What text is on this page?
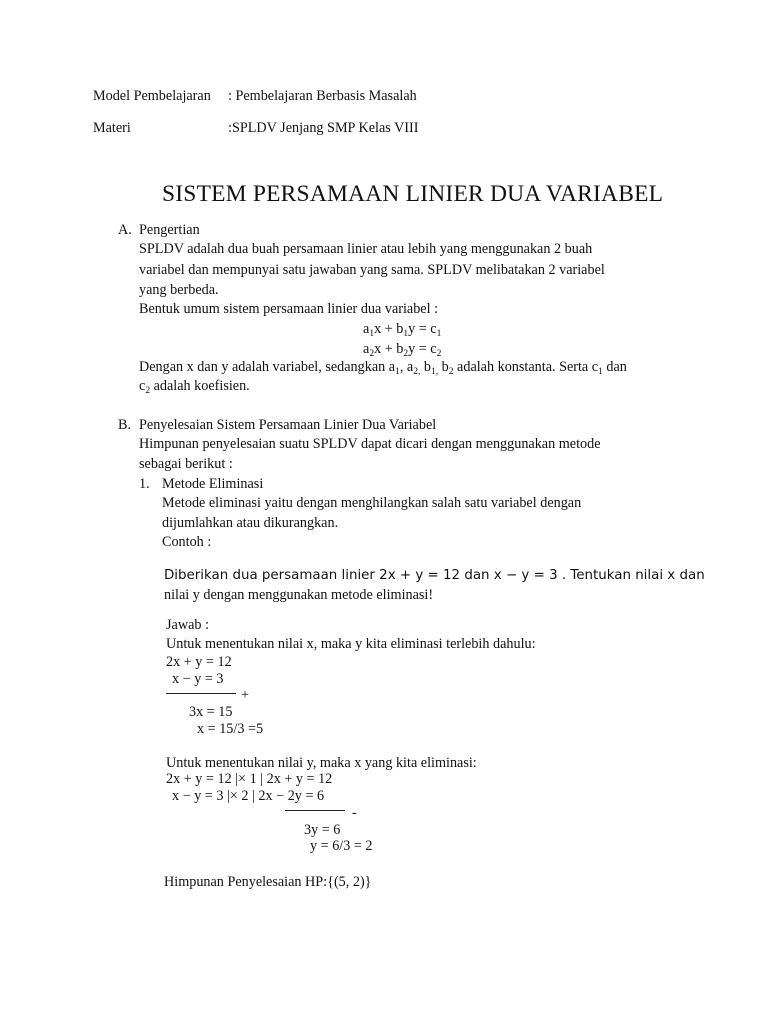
Model Pembelajaran : Pembelajaran Berbasis Masalah
Materi	:SPLDV Jenjang SMP Kelas VIII
SISTEM PERSAMAAN LINIER DUA VARIABEL
A. Pengertian
SPLDV adalah dua buah persamaan linier atau lebih yang menggunakan 2 buah
variabel dan mempunyai satu jawaban yang sama. SPLDV melibatakan 2 variabel
yang berbeda.
Bentuk umum sistem persamaan linier dua variabel :
$a_1x + b_1y = c_1$
$a_2x + b_2y = c_2$
Dengan x dan y adalah variabel, sedangkan $a_1$, $a_{2,}$ $b_{1,}$ $b_2$ adalah konstanta. Serta $c_1$ dan
$c_2$ adalah koefisien.
B. Penyelesaian Sistem Persamaan Linier Dua Variabel
Himpunan penyelesaian suatu SPLDV dapat dicari dengan menggunakan metode
sebagai berikut :
1. Metode Eliminasi
Metode eliminasi yaitu dengan menghilangkan salah satu variabel dengan
dijumlahkan atau dikurangkan.
Contoh :
Diberikan dua persamaan linier 2x + y = 12 dan x − y = 3 . Tentukan nilai x dan
nilai y dengan menggunakan metode eliminasi!
Jawab :
Untuk menentukan nilai x, maka y kita eliminasi terlebih dahulu:
2x + y = 12
x − y = 3
+
3x = 15
x = 15/3 =5
Untuk menentukan nilai y, maka x yang kita eliminasi:
2x + y = 12 |× 1 | 2x + y = 12
x − y = 3 |× 2 | 2x − 2y = 6
-
3y = 6
y = 6/3 = 2
Himpunan Penyelesaian HP:{(5, 2)}
